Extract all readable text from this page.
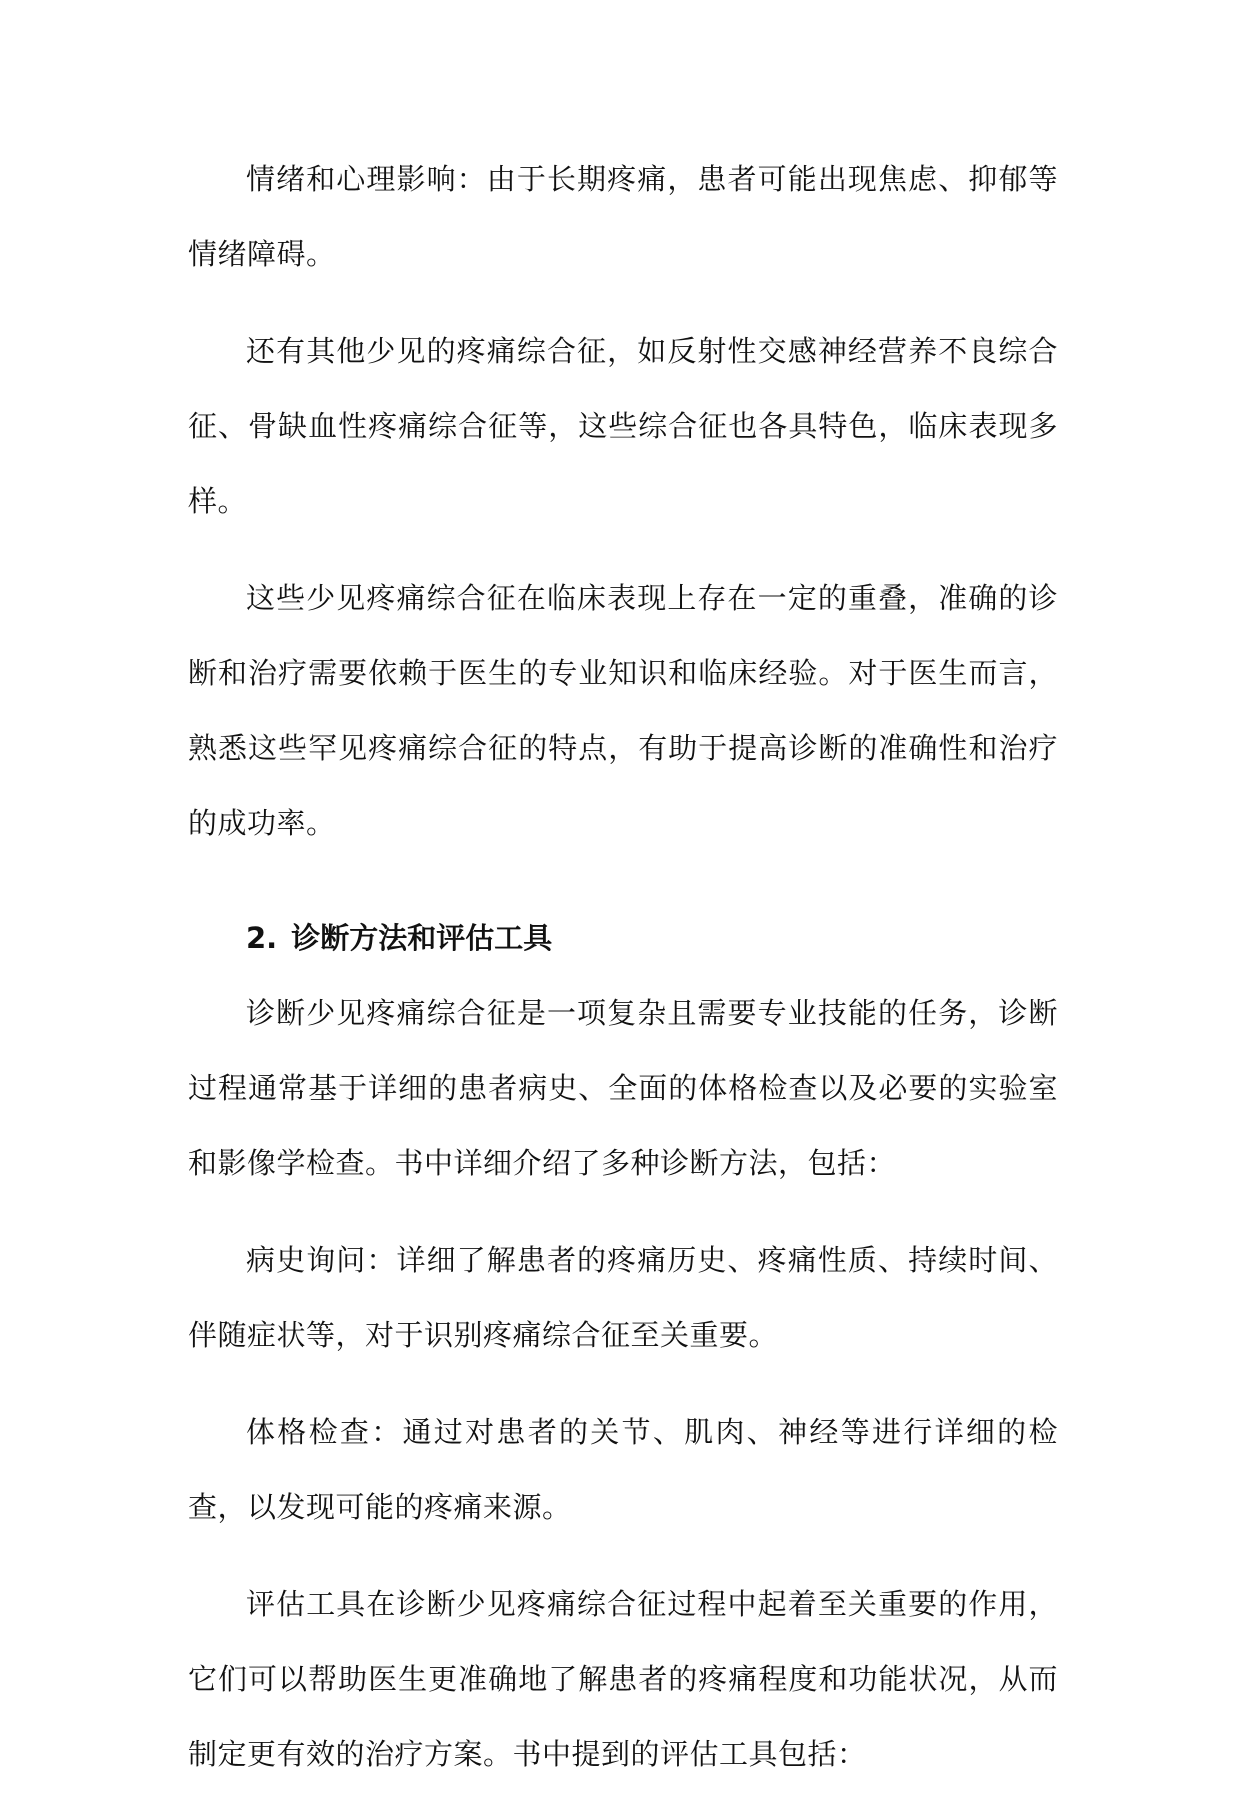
情绪和心理影响：由于长期疼痛，患者可能出现焦虑、抑郁等情绪障碍。

还有其他少见的疼痛综合征，如反射性交感神经营养不良综合征、骨缺血性疼痛综合征等，这些综合征也各具特色，临床表现多样。

这些少见疼痛综合征在临床表现上存在一定的重叠，准确的诊断和治疗需要依赖于医生的专业知识和临床经验。对于医生而言，熟悉这些罕见疼痛综合征的特点，有助于提高诊断的准确性和治疗的成功率。

2. 诊断方法和评估工具

诊断少见疼痛综合征是一项复杂且需要专业技能的任务，诊断过程通常基于详细的患者病史、全面的体格检查以及必要的实验室和影像学检查。书中详细介绍了多种诊断方法，包括：

病史询问：详细了解患者的疼痛历史、疼痛性质、持续时间、伴随症状等，对于识别疼痛综合征至关重要。

体格检查：通过对患者的关节、肌肉、神经等进行详细的检查，以发现可能的疼痛来源。

评估工具在诊断少见疼痛综合征过程中起着至关重要的作用，它们可以帮助医生更准确地了解患者的疼痛程度和功能状况，从而制定更有效的治疗方案。书中提到的评估工具包括：
